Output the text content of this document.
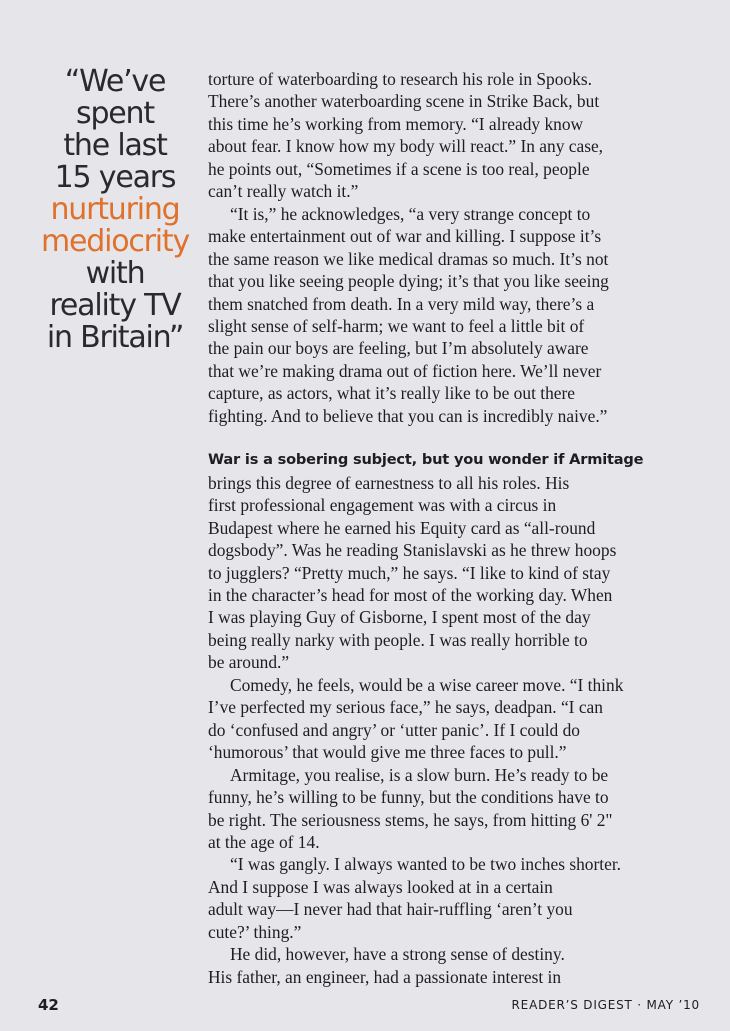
“We’ve
spent
the last
15 years
nurturing
mediocrity
with
reality TV
in Britain”
torture of waterboarding to research his role in Spooks.
There’s another waterboarding scene in Strike Back, but
this time he’s working from memory. “I already know
about fear. I know how my body will react.” In any case,
he points out, “Sometimes if a scene is too real, people
can’t really watch it.”
“It is,” he acknowledges, “a very strange concept to
make entertainment out of war and killing. I suppose it’s
the same reason we like medical dramas so much. It’s not
that you like seeing people dying; it’s that you like seeing
them snatched from death. In a very mild way, there’s a
slight sense of self-harm; we want to feel a little bit of
the pain our boys are feeling, but I’m absolutely aware
that we’re making drama out of fiction here. We’ll never
capture, as actors, what it’s really like to be out there
fighting. And to believe that you can is incredibly naive.”
War is a sobering subject, but you wonder if Armitage
brings this degree of earnestness to all his roles. His
first professional engagement was with a circus in
Budapest where he earned his Equity card as “all-round
dogsbody”. Was he reading Stanislavski as he threw hoops
to jugglers? “Pretty much,” he says. “I like to kind of stay
in the character’s head for most of the working day. When
I was playing Guy of Gisborne, I spent most of the day
being really narky with people. I was really horrible to
be around.”
Comedy, he feels, would be a wise career move. “I think
I’ve perfected my serious face,” he says, deadpan. “I can
do ‘confused and angry’ or ‘utter panic’. If I could do
‘humorous’ that would give me three faces to pull.”
Armitage, you realise, is a slow burn. He’s ready to be
funny, he’s willing to be funny, but the conditions have to
be right. The seriousness stems, he says, from hitting 6' 2"
at the age of 14.
“I was gangly. I always wanted to be two inches shorter.
And I suppose I was always looked at in a certain
adult way—I never had that hair-ruffling ‘aren’t you
cute?’ thing.”
He did, however, have a strong sense of destiny.
His father, an engineer, had a passionate interest in
42	READER’S DIGEST · MAY ’10
